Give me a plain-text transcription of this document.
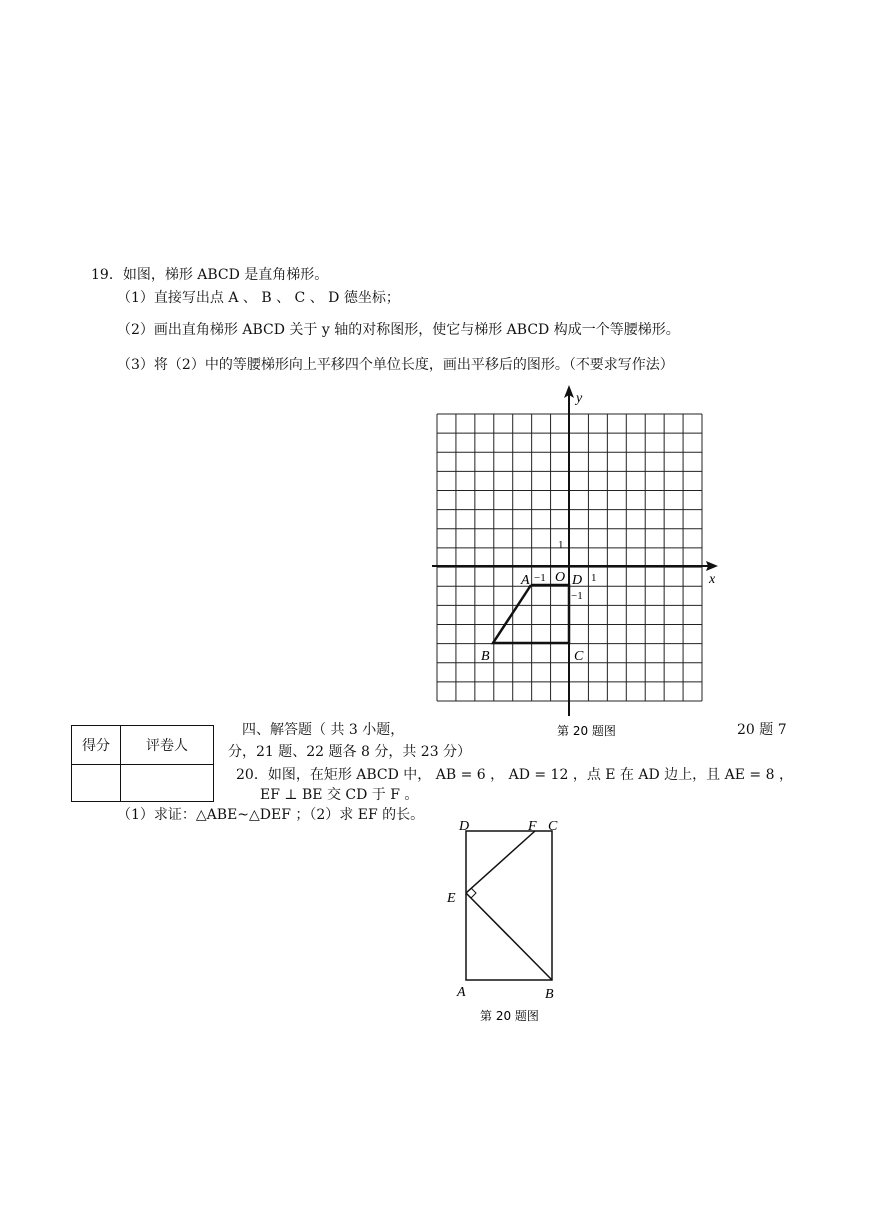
19．如图，梯形 ABCD 是直角梯形。
（1）直接写出点 A 、 B 、 C 、 D 德坐标；
（2）画出直角梯形 ABCD 关于 y 轴的对称图形，使它与梯形 ABCD 构成一个等腰梯形。
（3）将（2）中的等腰梯形向上平移四个单位长度，画出平移后的图形。（不要求写作法）
y
x
O
1
1
−1
−1
A	D
B	C
第 20 题图
D	F C
E
A	B
第 20 题图
得分	评卷人

四、解答题（ 共 3 小题，	20 题 7
分，21 题、22 题各 8 分，共 23 分）
20．如图，在矩形 ABCD 中， AB = 6 ， AD = 12 ，点 E 在 AD 边上，且 AE = 8 ，
EF ⊥ BE 交 CD 于 F 。
（1）求证：△ABE~△DEF ；（2）求 EF 的长。
